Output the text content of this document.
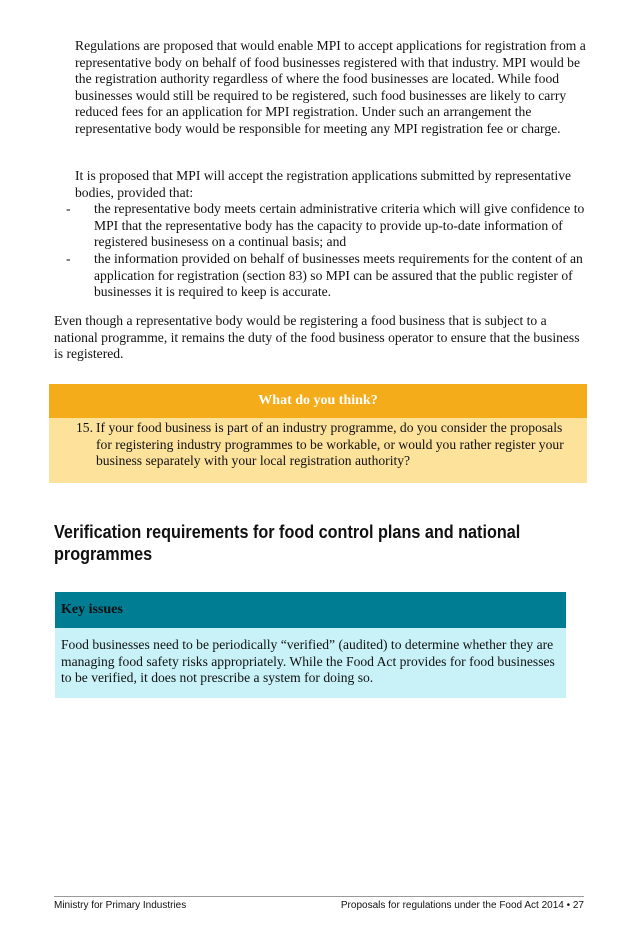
Regulations are proposed that would enable MPI to accept applications for registration from a representative body on behalf of food businesses registered with that industry. MPI would be the registration authority regardless of where the food businesses are located. While food businesses would still be required to be registered, such food businesses are likely to carry reduced fees for an application for MPI registration. Under such an arrangement the representative body would be responsible for meeting any MPI registration fee or charge.

It is proposed that MPI will accept the registration applications submitted by representative bodies, provided that:

- the representative body meets certain administrative criteria which will give confidence to MPI that the representative body has the capacity to provide up-to-date information of registered businesess on a continual basis; and
- the information provided on behalf of businesses meets requirements for the content of an application for registration (section 83) so MPI can be assured that the public register of businesses it is required to keep is accurate.

Even though a representative body would be registering a food business that is subject to a national programme, it remains the duty of the food business operator to ensure that the business is registered.

What do you think?
15. If your food business is part of an industry programme, do you consider the proposals for registering industry programmes to be workable, or would you rather register your business separately with your local registration authority?

Verification requirements for food control plans and national programmes
Key issues

Food businesses need to be periodically “verified” (audited) to determine whether they are managing food safety risks appropriately. While the Food Act provides for food businesses to be verified, it does not prescribe a system for doing so.

Ministry for Primary Industries	Proposals for regulations under the Food Act 2014 • 27
